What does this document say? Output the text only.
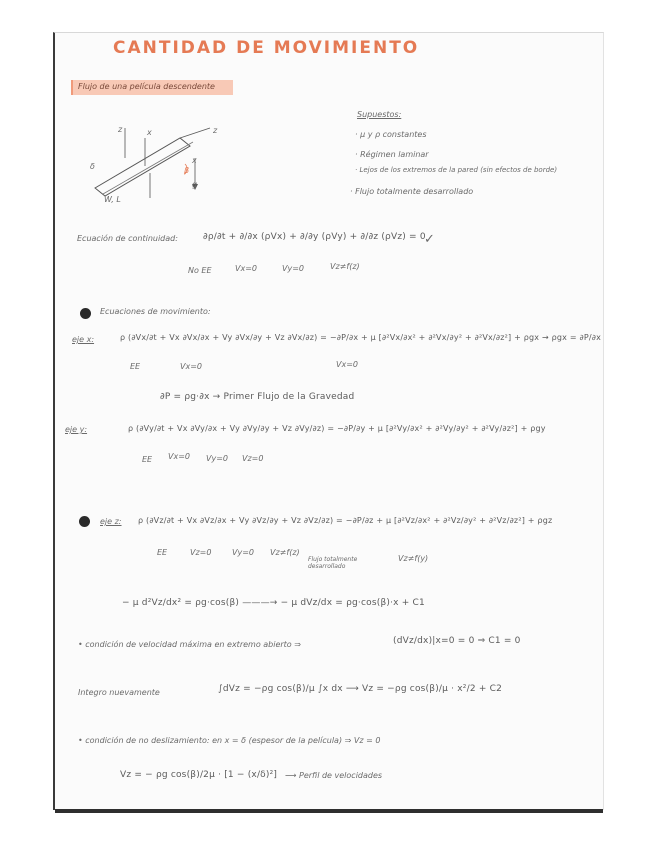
CANTIDAD DE MOVIMIENTO
Flujo de una película descendente
z	x	z
δ
x
g
W, L
β
Supuestos:
· μ y ρ constantes
· Régimen laminar
· Lejos de los extremos de la pared (sin efectos de borde)
· Flujo totalmente desarrollado
Ecuación de continuidad:	∂ρ/∂t + ∂/∂x (ρVx) + ∂/∂y (ρVy) + ∂/∂z (ρVz) = 0
✓
No EE	Vx=0	Vy=0	Vz≠f(z)
Ecuaciones de movimiento:
eje x:	ρ (∂Vx/∂t + Vx ∂Vx/∂x + Vy ∂Vx/∂y + Vz ∂Vx/∂z) = −∂P/∂x + μ [∂²Vx/∂x² + ∂²Vx/∂y² + ∂²Vx/∂z²] + ρgx → ρgx = ∂P/∂x
EE	Vx=0	Vx=0
∂P = ρg·∂x → Primer Flujo de la Gravedad
eje y:	ρ (∂Vy/∂t + Vx ∂Vy/∂x + Vy ∂Vy/∂y + Vz ∂Vy/∂z) = −∂P/∂y + μ [∂²Vy/∂x² + ∂²Vy/∂y² + ∂²Vy/∂z²] + ρgy
EE Vx=0 Vy=0 Vz=0
eje z: ρ (∂Vz/∂t + Vx ∂Vz/∂x + Vy ∂Vz/∂y + Vz ∂Vz/∂z) = −∂P/∂z + μ [∂²Vz/∂x² + ∂²Vz/∂y² + ∂²Vz/∂z²] + ρgz
EE	Vz=0	Vy=0 Vz≠f(z)
Flujo totalmente desarrollado
Vz≠f(y)
− μ d²Vz/dx² = ρg·cos(β) ———→ − μ dVz/dx = ρg·cos(β)·x + C1
• condición de velocidad máxima en extremo abierto ⇒	(dVz/dx)|x=0 = 0 ⇒ C1 = 0
Integro nuevamente	∫dVz = −ρg cos(β)/μ ∫x dx ⟶ Vz = −ρg cos(β)/μ · x²/2 + C2
• condición de no deslizamiento: en x = δ (espesor de la película) ⇒ Vz = 0
Vz = − ρg cos(β)/2μ · [1 − (x/δ)²] ⟶ Perfil de velocidades
